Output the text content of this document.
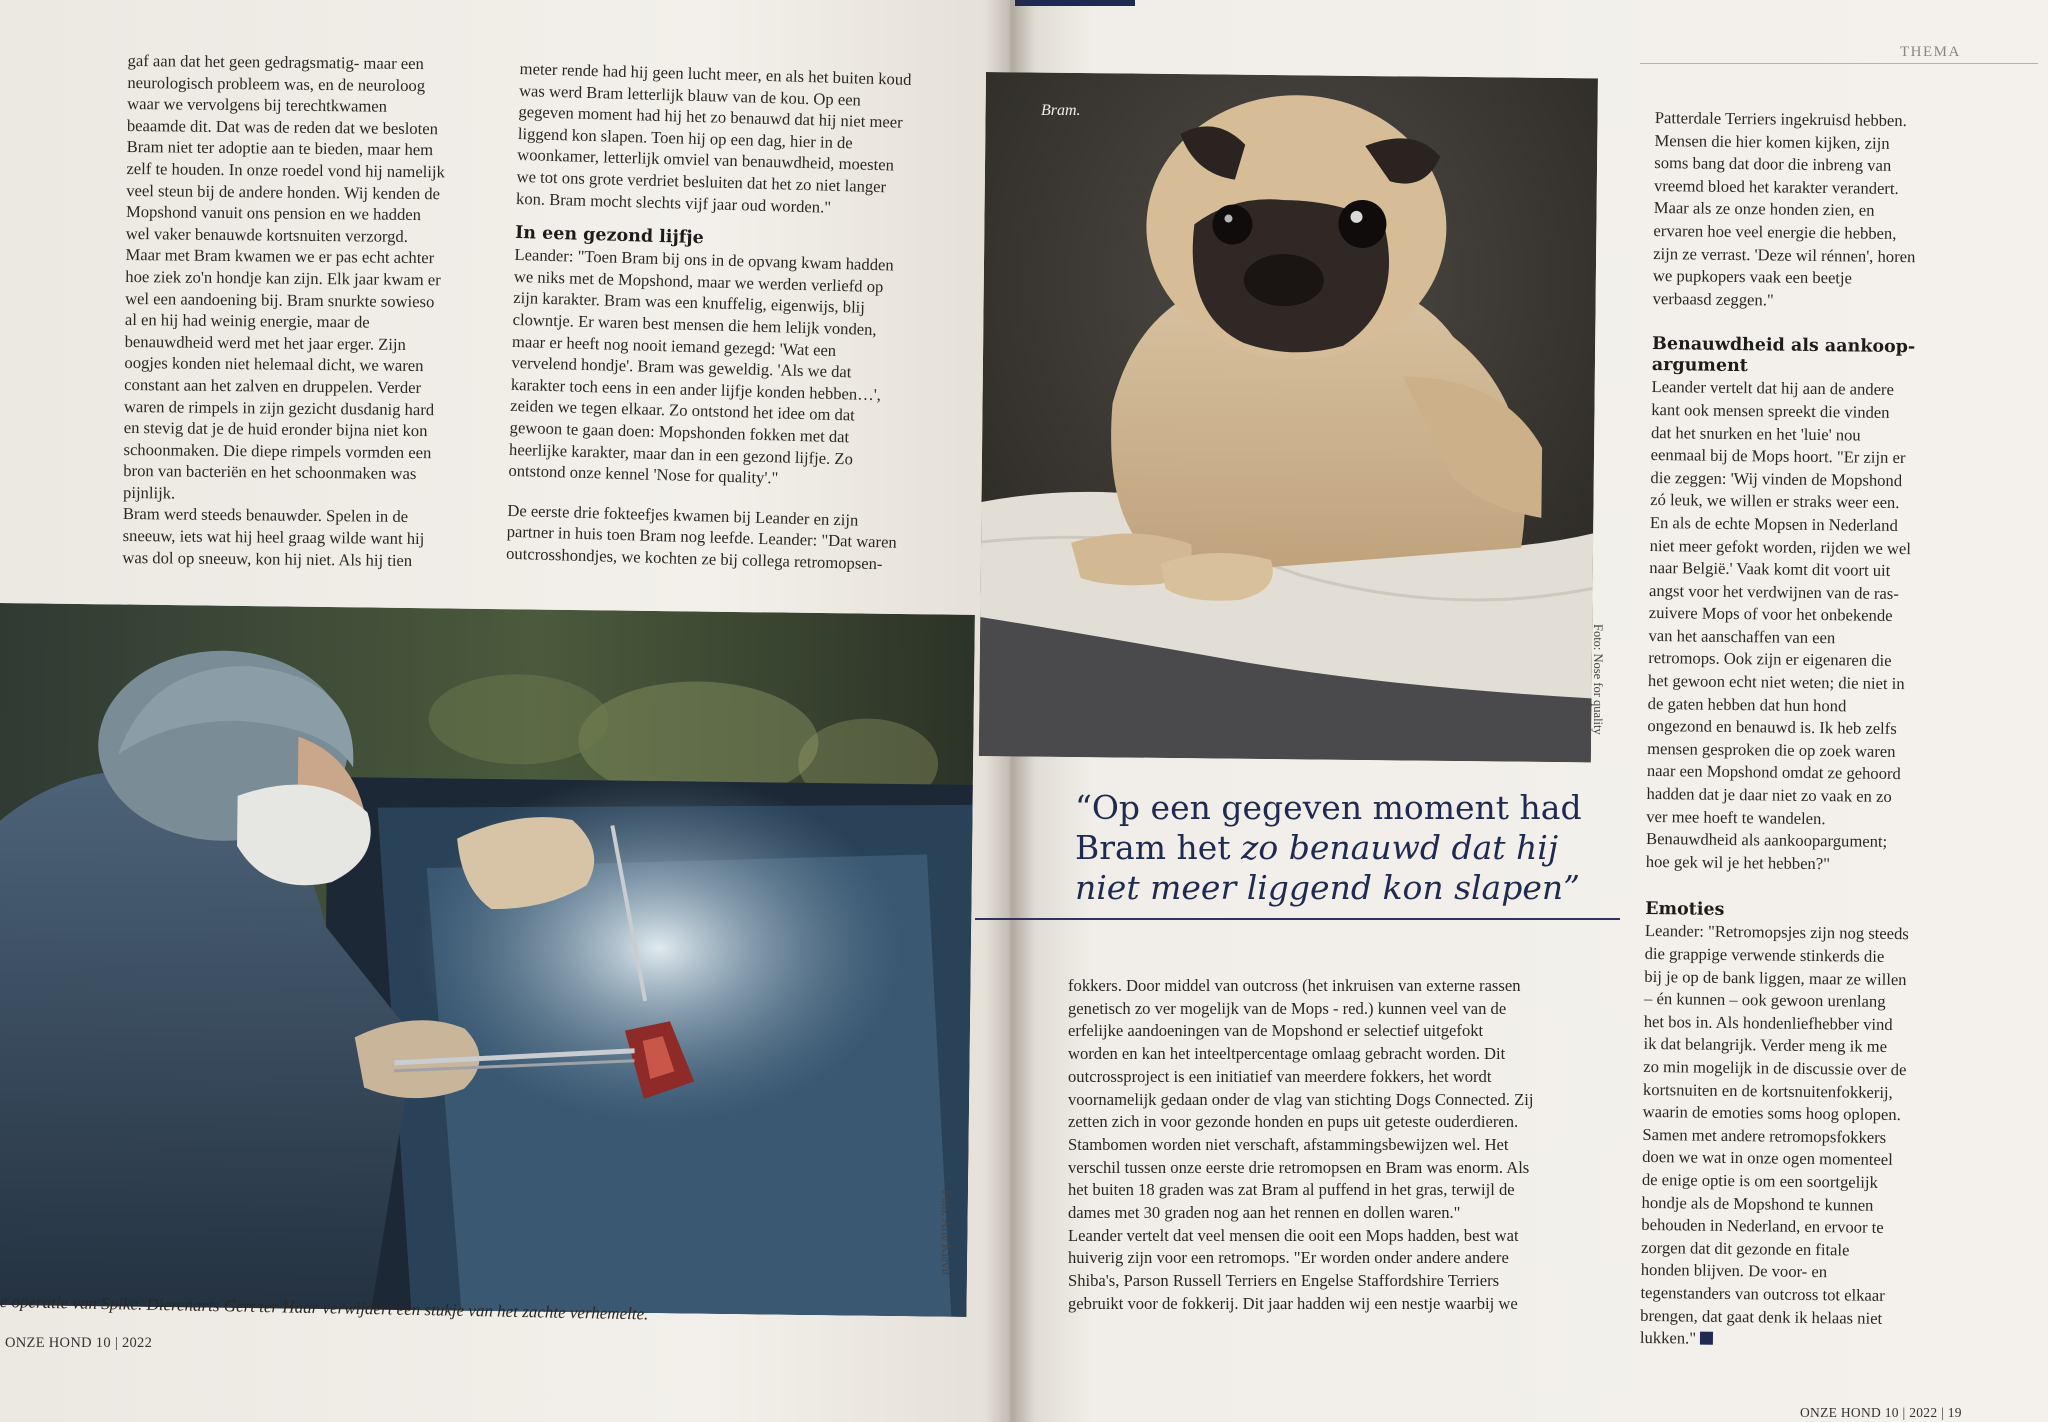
gaf aan dat het geen gedragsmatig- maar een

neurologisch probleem was, en de neuroloog

waar we vervolgens bij terechtkwamen

beaamde dit. Dat was de reden dat we besloten

Bram niet ter adoptie aan te bieden, maar hem

zelf te houden. In onze roedel vond hij namelijk

veel steun bij de andere honden. Wij kenden de

Mopshond vanuit ons pension en we hadden

wel vaker benauwde kortsnuiten verzorgd.

Maar met Bram kwamen we er pas echt achter

hoe ziek zo'n hondje kan zijn. Elk jaar kwam er

wel een aandoening bij. Bram snurkte sowieso

al en hij had weinig energie, maar de

benauwdheid werd met het jaar erger. Zijn

oogjes konden niet helemaal dicht, we waren

constant aan het zalven en druppelen. Verder

waren de rimpels in zijn gezicht dusdanig hard

en stevig dat je de huid eronder bijna niet kon

schoonmaken. Die diepe rimpels vormden een

bron van bacteriën en het schoonmaken was

pijnlijk.

Bram werd steeds benauwder. Spelen in de

sneeuw, iets wat hij heel graag wilde want hij

was dol op sneeuw, kon hij niet. Als hij tien

meter rende had hij geen lucht meer, en als het buiten koud

was werd Bram letterlijk blauw van de kou. Op een

gegeven moment had hij het zo benauwd dat hij niet meer

liggend kon slapen. Toen hij op een dag, hier in de

woonkamer, letterlijk omviel van benauwdheid, moesten

we tot ons grote verdriet besluiten dat het zo niet langer

kon. Bram mocht slechts vijf jaar oud worden."

In een gezond lijfje

Leander: "Toen Bram bij ons in de opvang kwam hadden

we niks met de Mopshond, maar we werden verliefd op

zijn karakter. Bram was een knuffelig, eigenwijs, blij

clowntje. Er waren best mensen die hem lelijk vonden,

maar er heeft nog nooit iemand gezegd: 'Wat een

vervelend hondje'. Bram was geweldig. 'Als we dat

karakter toch eens in een ander lijfje konden hebben…',

zeiden we tegen elkaar. Zo ontstond het idee om dat

gewoon te gaan doen: Mopshonden fokken met dat

heerlijke karakter, maar dan in een gezond lijfje. Zo

ontstond onze kennel 'Nose for quality'."

De eerste drie fokteefjes kwamen bij Leander en zijn

partner in huis toen Bram nog leefde. Leander: "Dat waren

outcrosshondjes, we kochten ze bij collega retromopsen-

Foto: Arie Kievit
e operatie van Spike. Dierenarts Gert ter Haar verwijdert een stukje van het zachte verhemelte.
ONZE HOND 10 | 2022
THEMA
Bram.
Foto: Nose for quality
“Op een gegeven moment had
Bram het zo benauwd dat hij
niet meer liggend kon slapen”

fokkers. Door middel van outcross (het inkruisen van externe rassen

genetisch zo ver mogelijk van de Mops - red.) kunnen veel van de

erfelijke aandoeningen van de Mopshond er selectief uitgefokt

worden en kan het inteeltpercentage omlaag gebracht worden. Dit

outcrossproject is een initiatief van meerdere fokkers, het wordt

voornamelijk gedaan onder de vlag van stichting Dogs Connected. Zij

zetten zich in voor gezonde honden en pups uit geteste ouderdieren.

Stambomen worden niet verschaft, afstammingsbewijzen wel. Het

verschil tussen onze eerste drie retromopsen en Bram was enorm. Als

het buiten 18 graden was zat Bram al puffend in het gras, terwijl de

dames met 30 graden nog aan het rennen en dollen waren."

Leander vertelt dat veel mensen die ooit een Mops hadden, best wat

huiverig zijn voor een retromops. "Er worden onder andere andere

Shiba's, Parson Russell Terriers en Engelse Staffordshire Terriers

gebruikt voor de fokkerij. Dit jaar hadden wij een nestje waarbij we

Patterdale Terriers ingekruisd hebben.

Mensen die hier komen kijken, zijn

soms bang dat door die inbreng van

vreemd bloed het karakter verandert.

Maar als ze onze honden zien, en

ervaren hoe veel energie die hebben,

zijn ze verrast. 'Deze wil rénnen', horen

we pupkopers vaak een beetje

verbaasd zeggen."

Benauwdheid als aankoop-
argument

Leander vertelt dat hij aan de andere

kant ook mensen spreekt die vinden

dat het snurken en het 'luie' nou

eenmaal bij de Mops hoort. "Er zijn er

die zeggen: 'Wij vinden de Mopshond

zó leuk, we willen er straks weer een.

En als de echte Mopsen in Nederland

niet meer gefokt worden, rijden we wel

naar België.' Vaak komt dit voort uit

angst voor het verdwijnen van de ras-

zuivere Mops of voor het onbekende

van het aanschaffen van een

retromops. Ook zijn er eigenaren die

het gewoon echt niet weten; die niet in

de gaten hebben dat hun hond

ongezond en benauwd is. Ik heb zelfs

mensen gesproken die op zoek waren

naar een Mopshond omdat ze gehoord

hadden dat je daar niet zo vaak en zo

ver mee hoeft te wandelen.

Benauwdheid als aankoopargument;

hoe gek wil je het hebben?"

Emoties

Leander: "Retromopsjes zijn nog steeds

die grappige verwende stinkerds die

bij je op de bank liggen, maar ze willen

– én kunnen – ook gewoon urenlang

het bos in. Als hondenliefhebber vind

ik dat belangrijk. Verder meng ik me

zo min mogelijk in de discussie over de

kortsnuiten en de kortsnuitenfokkerij,

waarin de emoties soms hoog oplopen.

Samen met andere retromopsfokkers

doen we wat in onze ogen momenteel

de enige optie is om een soortgelijk

hondje als de Mopshond te kunnen

behouden in Nederland, en ervoor te

zorgen dat dit gezonde en fitale

honden blijven. De voor- en

tegenstanders van outcross tot elkaar

brengen, dat gaat denk ik helaas niet

lukken."
ONZE HOND 10 | 2022 | 19
